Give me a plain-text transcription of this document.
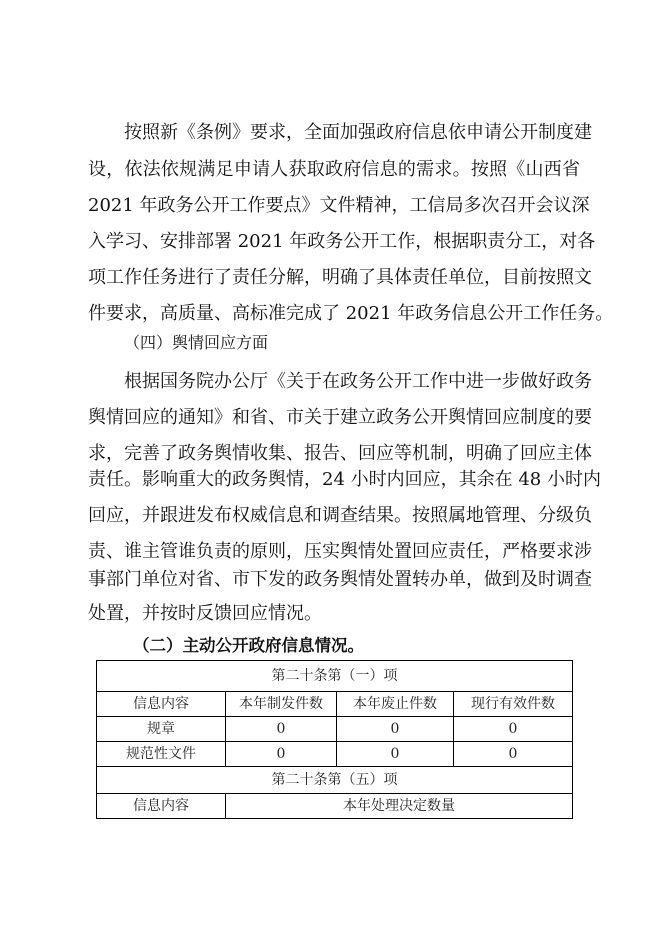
按照新《条例》要求，全面加强政府信息依申请公开制度建
设，依法依规满足申请人获取政府信息的需求。按照《山西省
2021 年政务公开工作要点》文件精神，工信局多次召开会议深
入学习、安排部署 2021 年政务公开工作，根据职责分工，对各
项工作任务进行了责任分解，明确了具体责任单位，目前按照文
件要求，高质量、高标准完成了 2021 年政务信息公开工作任务。
（四）舆情回应方面
根据国务院办公厅《关于在政务公开工作中进一步做好政务
舆情回应的通知》和省、市关于建立政务公开舆情回应制度的要
求，完善了政务舆情收集、报告、回应等机制，明确了回应主体
责任。影响重大的政务舆情，24 小时内回应，其余在 48 小时内
回应，并跟进发布权威信息和调查结果。按照属地管理、分级负
责、谁主管谁负责的原则，压实舆情处置回应责任，严格要求涉
事部门单位对省、市下发的政务舆情处置转办单，做到及时调查
处置，并按时反馈回应情况。
（二）主动公开政府信息情况。
第二十条第（一）项			
信息内容	本年制发件数	本年废止件数	现行有效件数
规章	0	0	0
规范性文件	0	0	0
第二十条第（五）项			
信息内容	本年处理决定数量		
